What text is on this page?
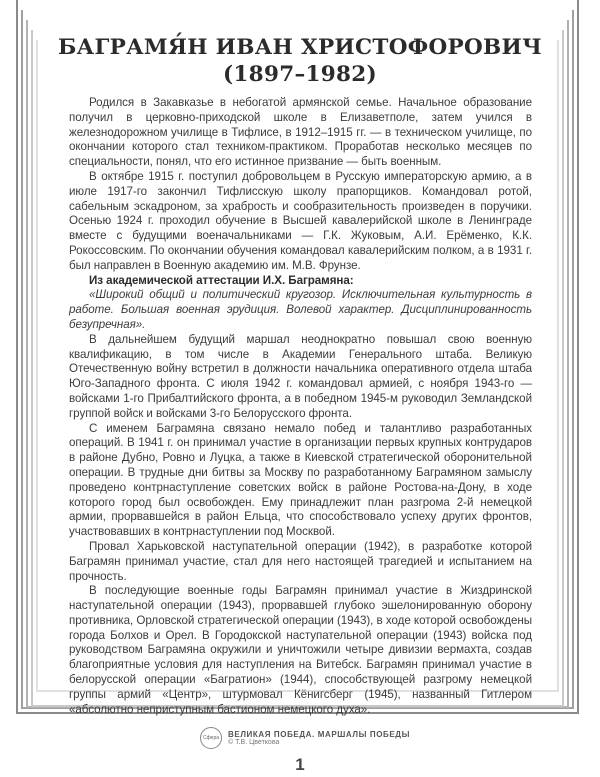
БАГРАМЯ́Н ИВАН ХРИСТОФОРОВИЧ
(1897–1982)

Родился в Закавказье в небогатой армянской семье. Начальное образование получил в церковно-приходской школе в Елизаветполе, затем учился в железнодорожном училище в Тифлисе, в 1912–1915 гг. — в техническом училище, по окончании которого стал техником-практиком. Проработав несколько месяцев по специальности, понял, что его истинное призвание — быть военным.

В октябре 1915 г. поступил добровольцем в Русскую императорскую армию, а в июле 1917-го закончил Тифлисскую школу прапорщиков. Командовал ротой, сабельным эскадроном, за храбрость и сообразительность произведен в поручики. Осенью 1924 г. проходил обучение в Высшей кавалерийской школе в Ленинграде вместе с будущими военачальниками — Г.К. Жуковым, А.И. Ерёменко, К.К. Рокоссовским. По окончании обучения командовал кавалерийским полком, а в 1931 г. был направлен в Военную академию им. М.В. Фрунзе.

Из академической аттестации И.Х. Баграмяна:

«Широкий общий и политический кругозор. Исключительная культурность в работе. Большая военная эрудиция. Волевой характер. Дисциплинированность безупречная».

В дальнейшем будущий маршал неоднократно повышал свою военную квалификацию, в том числе в Академии Генерального штаба. Великую Отечественную войну встретил в должности начальника оперативного отдела штаба Юго-Западного фронта. С июля 1942 г. командовал армией, с ноября 1943-го — войсками 1-го Прибалтийского фронта, а в победном 1945-м руководил Земландской группой войск и войсками 3-го Белорусского фронта.

С именем Баграмяна связано немало побед и талантливо разработанных операций. В 1941 г. он принимал участие в организации первых крупных контрударов в районе Дубно, Ровно и Луцка, а также в Киевской стратегической оборонительной операции. В трудные дни битвы за Москву по разработанному Баграмяном замыслу проведено контрнаступление советских войск в районе Ростова-на-Дону, в ходе которого город был освобожден. Ему принадлежит план разгрома 2-й немецкой армии, прорвавшейся в район Ельца, что способствовало успеху других фронтов, участвовавших в контрнаступлении под Москвой.

Провал Харьковской наступательной операции (1942), в разработке которой Баграмян принимал участие, стал для него настоящей трагедией и испытанием на прочность.

В последующие военные годы Баграмян принимал участие в Жиздринской наступательной операции (1943), прорвавшей глубоко эшелонированную оборону противника, Орловской стратегической операции (1943), в ходе которой освобождены города Болхов и Орел. В Городокской наступательной операции (1943) войска под руководством Баграмяна окружили и уничтожили четыре дивизии вермахта, создав благоприятные условия для наступления на Витебск. Баграмян принимал участие в белорусской операции «Багратион» (1944), способствующей разгрому немецкой группы армий «Центр», штурмовал Кёнигсберг (1945), названный Гитлером «абсолютно неприступным бастионом немецкого духа».

Сфера	ВЕЛИКАЯ ПОБЕДА. МАРШАЛЫ ПОБЕДЫ
© Т.В. Цветкова
1
